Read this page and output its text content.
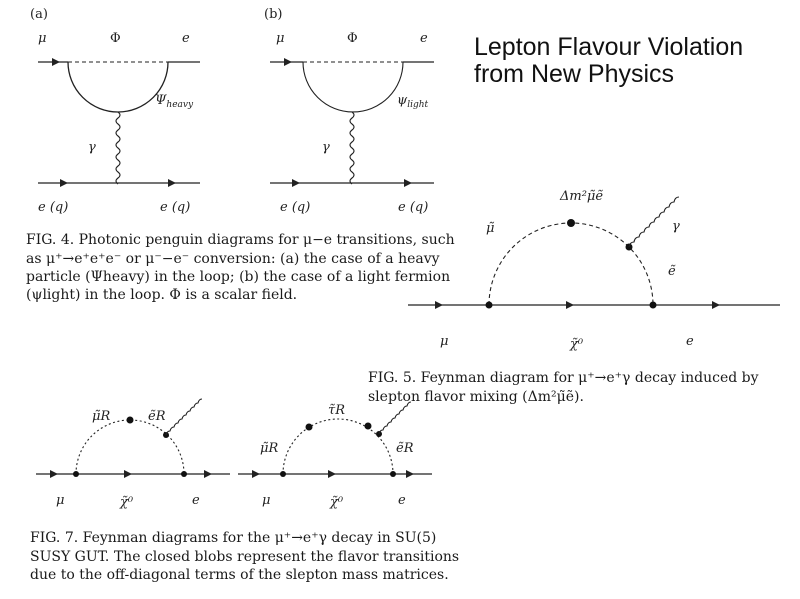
Lepton Flavour Violation
from New Physics
(a)
μ	Φ	e
$\Psi_{heavy}$
γ
e (q)	e (q)
(b)
μ	Φ	e
$\psi_{light}$
γ
e (q)	e (q)
FIG. 4. Photonic penguin diagrams for μ−e transitions, such
as μ⁺→e⁺e⁺e⁻ or μ⁻−e⁻ conversion: (a) the case of a heavy
particle (Ψheavy) in the loop; (b) the case of a light fermion
(ψlight) in the loop. Φ is a scalar field.
Δm²μ̃ẽ
μ̃
ẽ
γ
μ	χ̃⁰	e
FIG. 5. Feynman diagram for μ⁺→e⁺γ decay induced by
slepton flavor mixing (Δm²μ̃ẽ).
μ̃R	ẽR
μ	χ̃⁰	e
τ̃R
μ̃R	ẽR
μ	χ̃⁰	e
FIG. 7. Feynman diagrams for the μ⁺→e⁺γ decay in SU(5)
SUSY GUT. The closed blobs represent the flavor transitions
due to the off-diagonal terms of the slepton mass matrices.
